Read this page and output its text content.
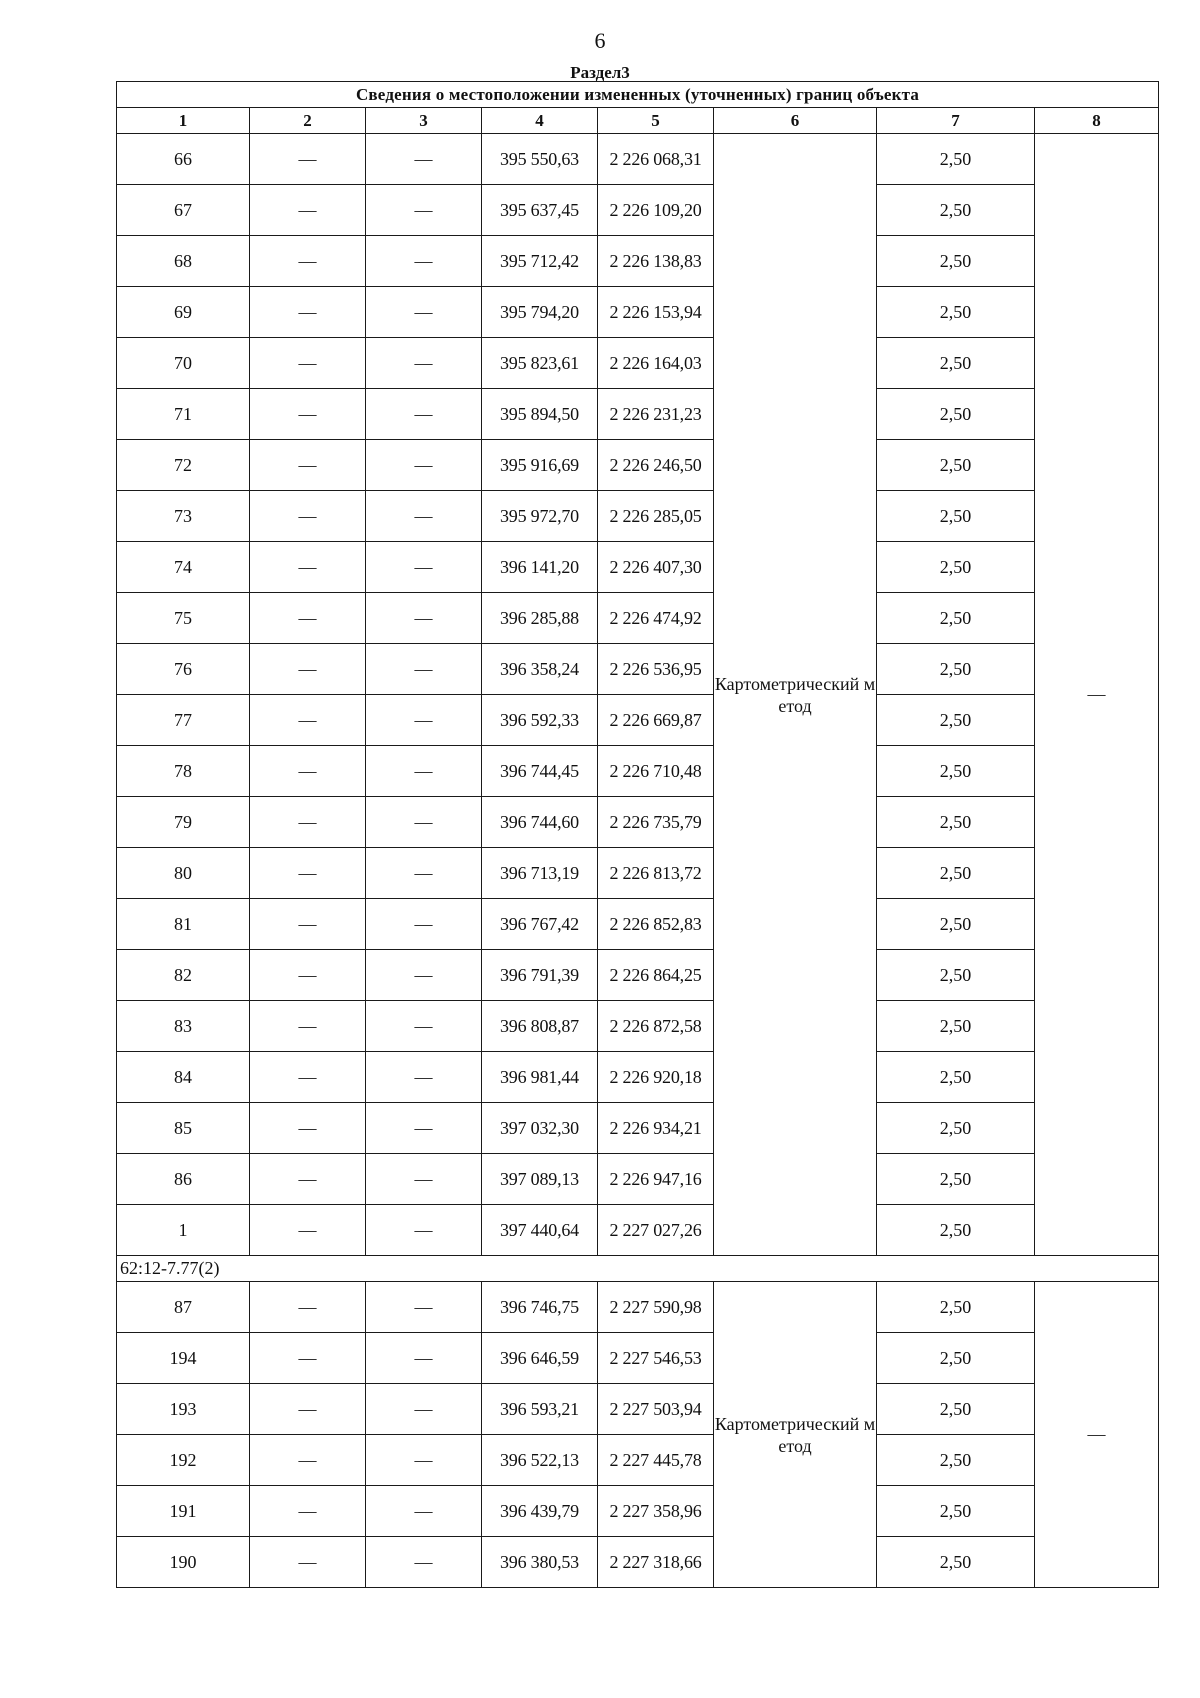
6
Раздел3
Сведения о местоположении измененных (уточненных) границ объекта							
1	2	3	4	5	6	7	8
66	—	—	395 550,63	2 226 068,31	Картометрический метод	2,50	—
67	—	—	395 637,45	2 226 109,20		2,50	
68	—	—	395 712,42	2 226 138,83		2,50	
69	—	—	395 794,20	2 226 153,94		2,50	
70	—	—	395 823,61	2 226 164,03		2,50	
71	—	—	395 894,50	2 226 231,23		2,50	
72	—	—	395 916,69	2 226 246,50		2,50	
73	—	—	395 972,70	2 226 285,05		2,50	
74	—	—	396 141,20	2 226 407,30		2,50	
75	—	—	396 285,88	2 226 474,92		2,50	
76	—	—	396 358,24	2 226 536,95		2,50	
77	—	—	396 592,33	2 226 669,87		2,50	
78	—	—	396 744,45	2 226 710,48		2,50	
79	—	—	396 744,60	2 226 735,79		2,50	
80	—	—	396 713,19	2 226 813,72		2,50	
81	—	—	396 767,42	2 226 852,83		2,50	
82	—	—	396 791,39	2 226 864,25		2,50	
83	—	—	396 808,87	2 226 872,58		2,50	
84	—	—	396 981,44	2 226 920,18		2,50	
85	—	—	397 032,30	2 226 934,21		2,50	
86	—	—	397 089,13	2 226 947,16		2,50	
1	—	—	397 440,64	2 227 027,26		2,50	
62:12-7.77(2)							
87	—	—	396 746,75	2 227 590,98	Картометрический метод	2,50	—
194	—	—	396 646,59	2 227 546,53		2,50	
193	—	—	396 593,21	2 227 503,94		2,50	
192	—	—	396 522,13	2 227 445,78		2,50	
191	—	—	396 439,79	2 227 358,96		2,50	
190	—	—	396 380,53	2 227 318,66		2,50	
